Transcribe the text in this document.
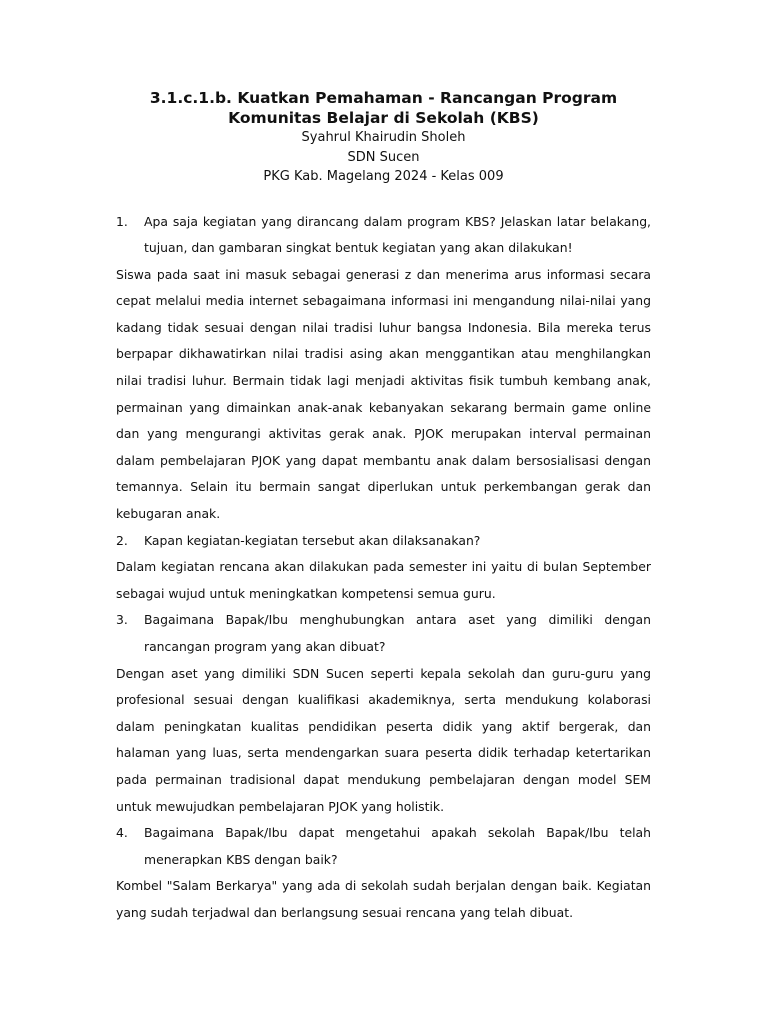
3.1.c.1.b. Kuatkan Pemahaman - Rancangan Program Komunitas Belajar di Sekolah (KBS)

Syahrul Khairudin Sholeh

SDN Sucen

PKG Kab. Magelang 2024 - Kelas 009

1. Apa saja kegiatan yang dirancang dalam program KBS? Jelaskan latar belakang, tujuan, dan gambaran singkat bentuk kegiatan yang akan dilakukan!

Siswa pada saat ini masuk sebagai generasi z dan menerima arus informasi secara cepat melalui media internet sebagaimana informasi ini mengandung nilai-nilai yang kadang tidak sesuai dengan nilai tradisi luhur bangsa Indonesia. Bila mereka terus berpapar dikhawatirkan nilai tradisi asing akan menggantikan atau menghilangkan nilai tradisi luhur. Bermain tidak lagi menjadi aktivitas fisik tumbuh kembang anak, permainan yang dimainkan anak-anak kebanyakan sekarang bermain game online dan yang mengurangi aktivitas gerak anak. PJOK merupakan interval permainan dalam pembelajaran PJOK yang dapat membantu anak dalam bersosialisasi dengan temannya. Selain itu bermain sangat diperlukan untuk perkembangan gerak dan kebugaran anak.

2. Kapan kegiatan-kegiatan tersebut akan dilaksanakan?

Dalam kegiatan rencana akan dilakukan pada semester ini yaitu di bulan September sebagai wujud untuk meningkatkan kompetensi semua guru.

3. Bagaimana Bapak/Ibu menghubungkan antara aset yang dimiliki dengan rancangan program yang akan dibuat?

Dengan aset yang dimiliki SDN Sucen seperti kepala sekolah dan guru-guru yang profesional sesuai dengan kualifikasi akademiknya, serta mendukung kolaborasi dalam peningkatan kualitas pendidikan peserta didik yang aktif bergerak, dan halaman yang luas, serta mendengarkan suara peserta didik terhadap ketertarikan pada permainan tradisional dapat mendukung pembelajaran dengan model SEM untuk mewujudkan pembelajaran PJOK yang holistik.

4. Bagaimana Bapak/Ibu dapat mengetahui apakah sekolah Bapak/Ibu telah menerapkan KBS dengan baik?

Kombel "Salam Berkarya" yang ada di sekolah sudah berjalan dengan baik. Kegiatan yang sudah terjadwal dan berlangsung sesuai rencana yang telah dibuat.
